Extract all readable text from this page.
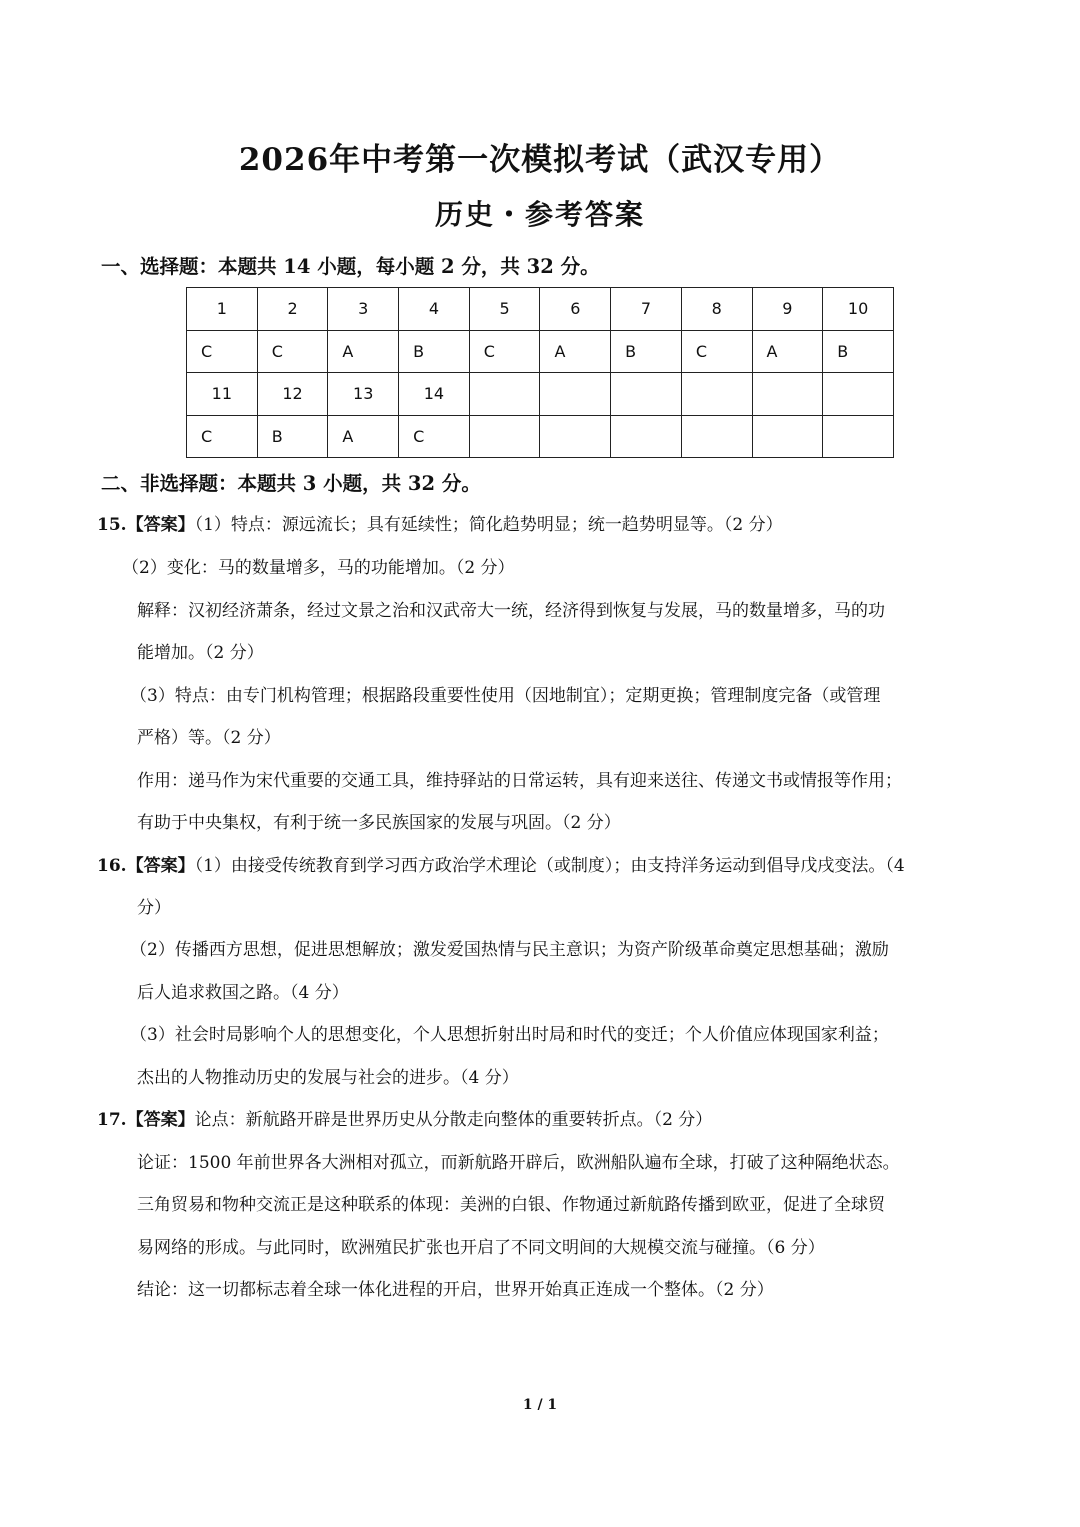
2026年中考第一次模拟考试（武汉专用）
历史・参考答案
一、选择题：本题共 14 小题，每小题 2 分，共 32 分。
1	2	3	4	5	6	7	8	9	10
C	C	A	B	C	A	B	C	A	B
11	12	13	14						
C	B	A	C						
二、非选择题：本题共 3 小题，共 32 分。
15.【答案】（1）特点：源远流长；具有延续性；简化趋势明显；统一趋势明显等。（2 分）
（2）变化：马的数量增多，马的功能增加。（2 分）
解释：汉初经济萧条，经过文景之治和汉武帝大一统，经济得到恢复与发展，马的数量增多，马的功
能增加。（2 分）
（3）特点：由专门机构管理；根据路段重要性使用（因地制宜）；定期更换；管理制度完备（或管理
严格）等。（2 分）
作用：递马作为宋代重要的交通工具，维持驿站的日常运转，具有迎来送往、传递文书或情报等作用；
有助于中央集权，有利于统一多民族国家的发展与巩固。（2 分）
16.【答案】（1）由接受传统教育到学习西方政治学术理论（或制度）；由支持洋务运动到倡导戊戌变法。（4
分）
（2）传播西方思想，促进思想解放；激发爱国热情与民主意识；为资产阶级革命奠定思想基础；激励
后人追求救国之路。（4 分）
（3）社会时局影响个人的思想变化，个人思想折射出时局和时代的变迁；个人价值应体现国家利益；
杰出的人物推动历史的发展与社会的进步。（4 分）
17.【答案】论点：新航路开辟是世界历史从分散走向整体的重要转折点。（2 分）
论证：1500 年前世界各大洲相对孤立，而新航路开辟后，欧洲船队遍布全球，打破了这种隔绝状态。
三角贸易和物种交流正是这种联系的体现：美洲的白银、作物通过新航路传播到欧亚，促进了全球贸
易网络的形成。与此同时，欧洲殖民扩张也开启了不同文明间的大规模交流与碰撞。（6 分）
结论：这一切都标志着全球一体化进程的开启，世界开始真正连成一个整体。（2 分）
1 / 1
